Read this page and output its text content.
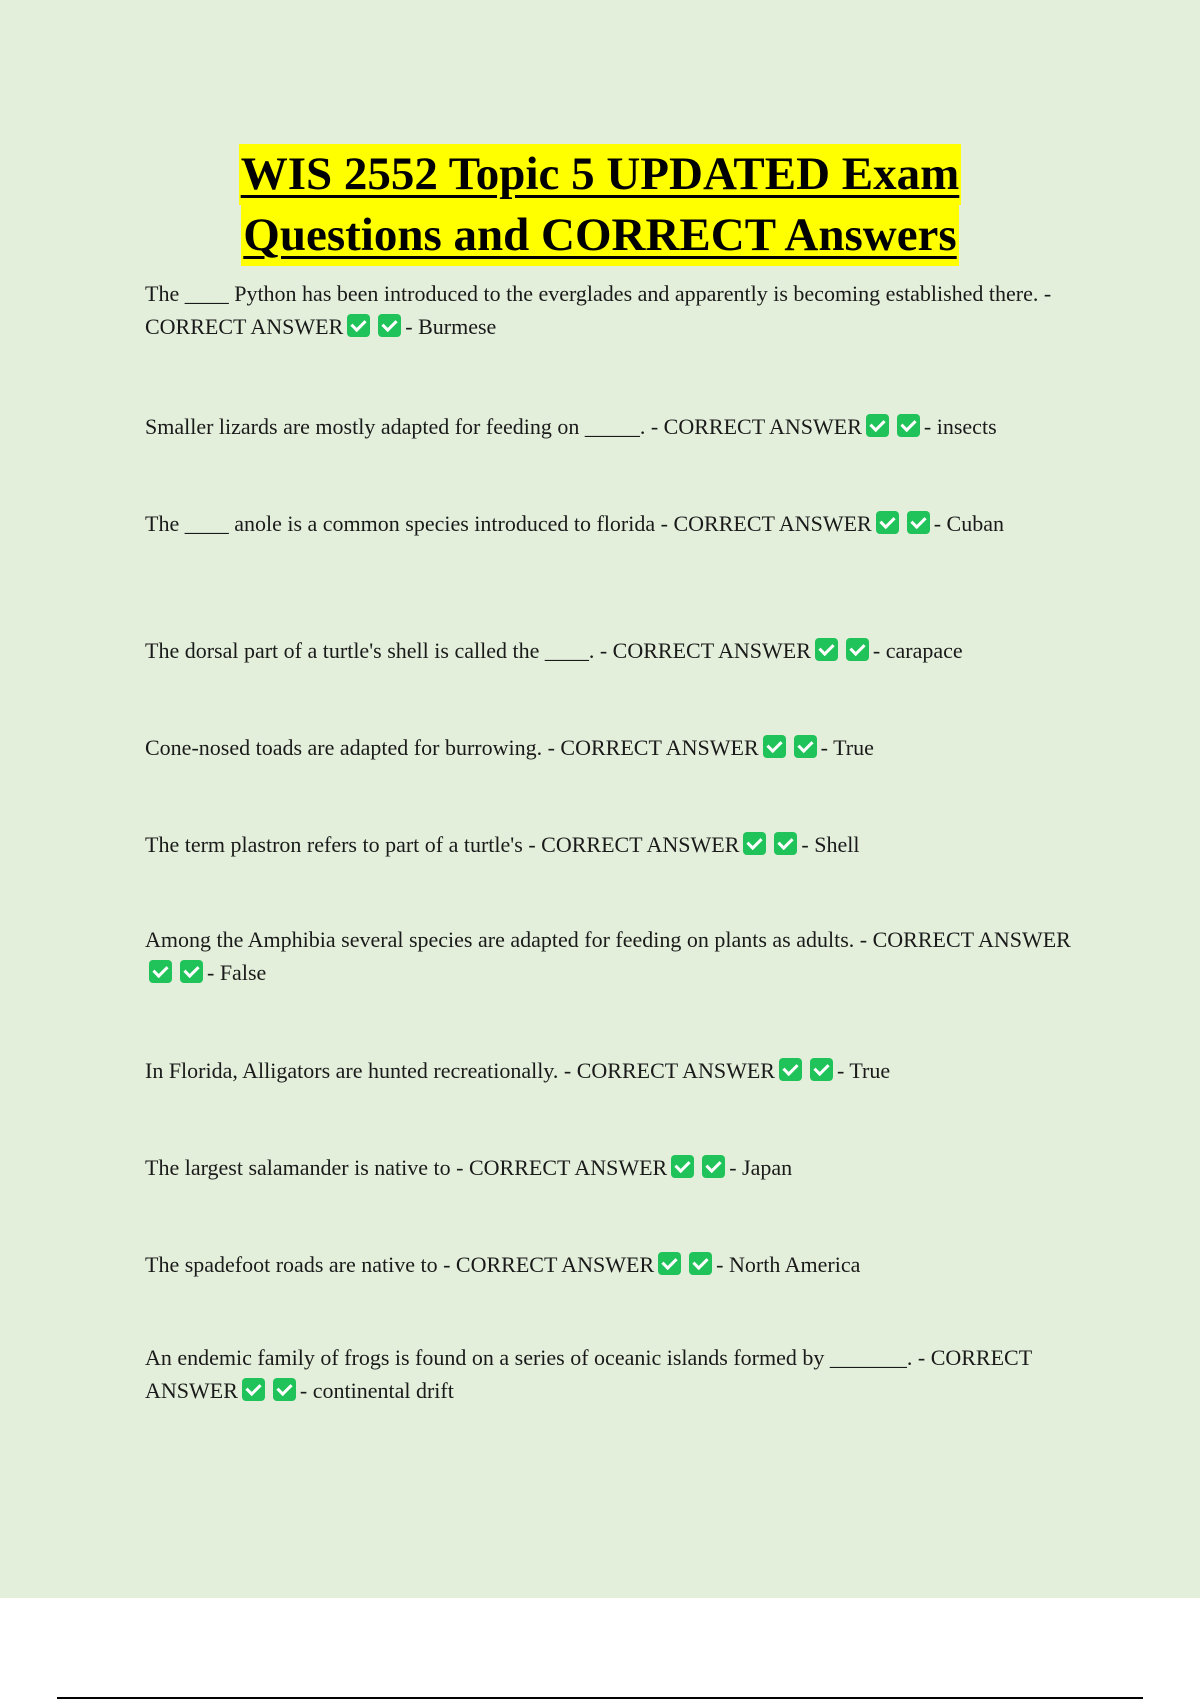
WIS 2552 Topic 5 UPDATED Exam
Questions and CORRECT Answers
The ____ Python has been introduced to the everglades and apparently is becoming established there. - CORRECT ANSWER	- Burmese
Smaller lizards are mostly adapted for feeding on _____. - CORRECT ANSWER	- insects
The ____ anole is a common species introduced to florida - CORRECT ANSWER	- Cuban
The dorsal part of a turtle's shell is called the ____. - CORRECT ANSWER	- carapace
Cone-nosed toads are adapted for burrowing. - CORRECT ANSWER	- True
The term plastron refers to part of a turtle's - CORRECT ANSWER	- Shell
Among the Amphibia several species are adapted for feeding on plants as adults. - CORRECT ANSWER- False
In Florida, Alligators are hunted recreationally. - CORRECT ANSWER	- True
The largest salamander is native to - CORRECT ANSWER	- Japan
The spadefoot roads are native to - CORRECT ANSWER	- North America
An endemic family of frogs is found on a series of oceanic islands formed by _______. - CORRECT ANSWER	- continental drift
